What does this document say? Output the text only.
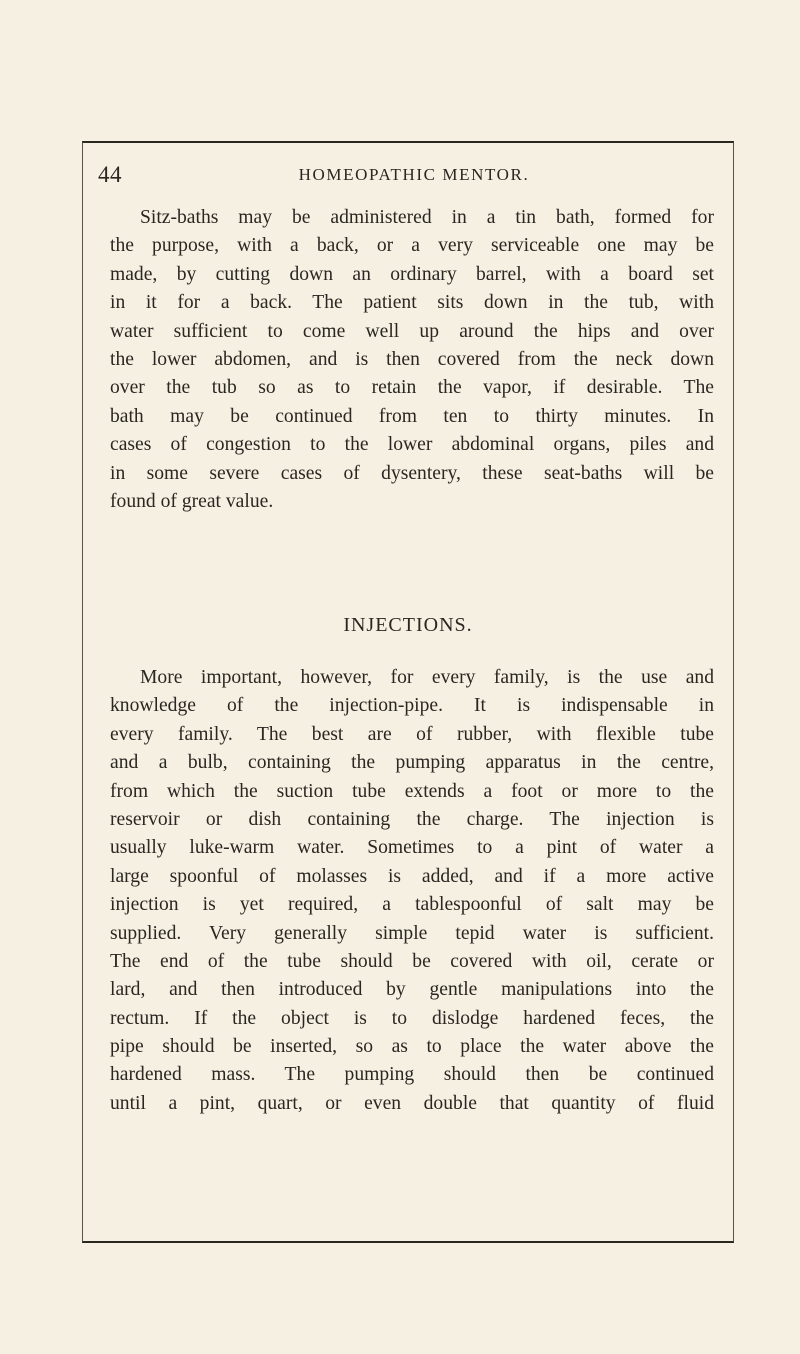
44	HOMEOPATHIC MENTOR.
Sitz-baths may be administered in a tin bath, formed for
the purpose, with a back, or a very serviceable one may be
made, by cutting down an ordinary barrel, with a board set
in it for a back. The patient sits down in the tub, with
water sufficient to come well up around the hips and over
the lower abdomen, and is then covered from the neck down
over the tub so as to retain the vapor, if desirable. The
bath may be continued from ten to thirty minutes. In
cases of congestion to the lower abdominal organs, piles and
in some severe cases of dysentery, these seat-baths will be
found of great value.
INJECTIONS.
More important, however, for every family, is the use and
knowledge of the injection-pipe. It is indispensable in
every family. The best are of rubber, with flexible tube
and a bulb, containing the pumping apparatus in the centre,
from which the suction tube extends a foot or more to the
reservoir or dish containing the charge. The injection is
usually luke-warm water. Sometimes to a pint of water a
large spoonful of molasses is added, and if a more active
injection is yet required, a tablespoonful of salt may be
supplied. Very generally simple tepid water is sufficient.
The end of the tube should be covered with oil, cerate or
lard, and then introduced by gentle manipulations into the
rectum. If the object is to dislodge hardened feces, the
pipe should be inserted, so as to place the water above the
hardened mass. The pumping should then be continued
until a pint, quart, or even double that quantity of fluid
